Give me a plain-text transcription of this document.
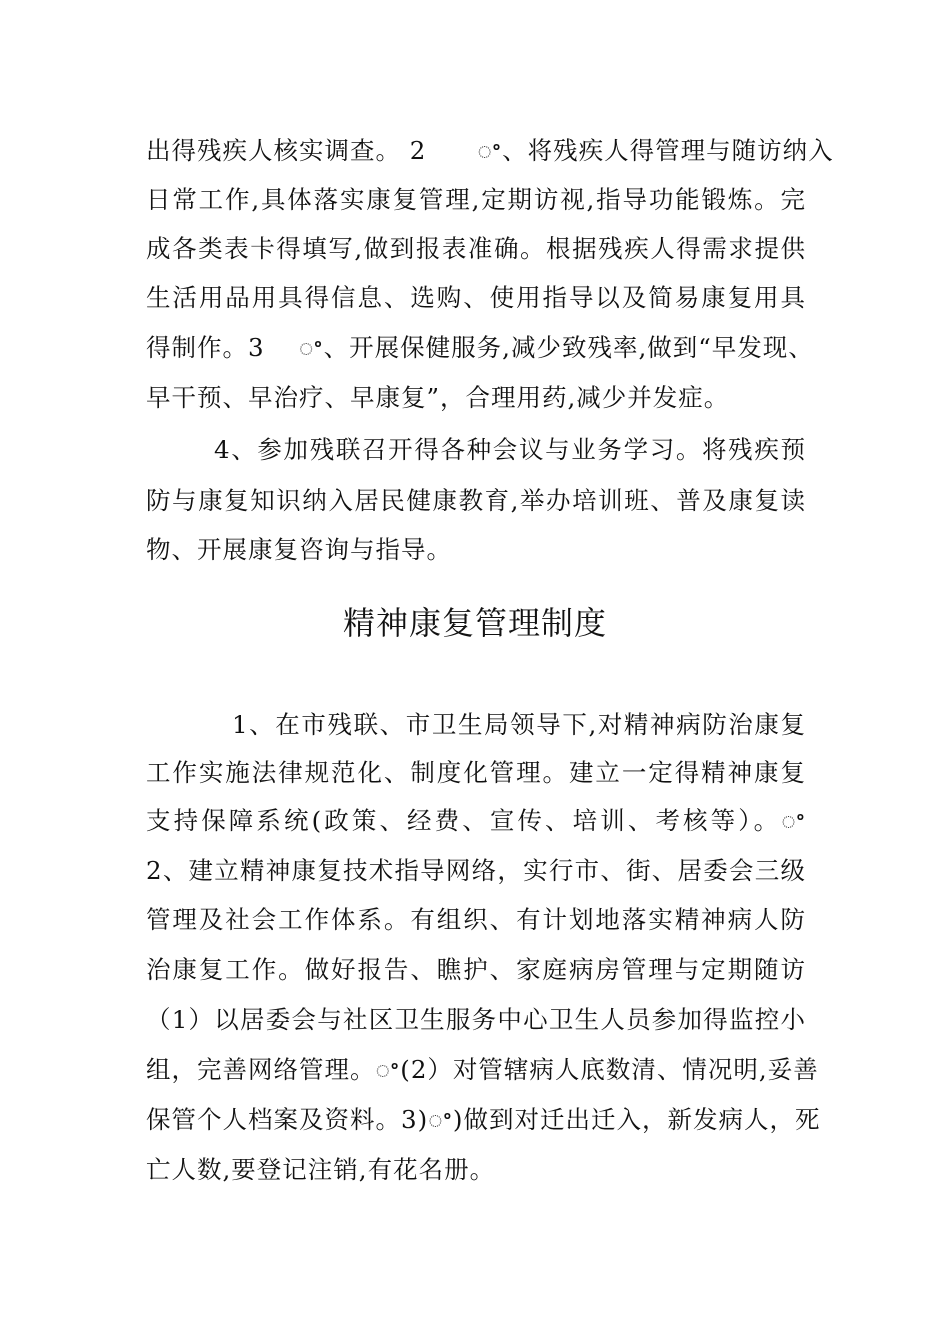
出得残疾人核实调查。 2　　ꢀ、将残疾人得管理与随访纳入
日常工作,具体落实康复管理,定期访视,指导功能锻炼。完
成各类表卡得填写,做到报表准确。根据残疾人得需求提供
生活用品用具得信息、选购、使用指导以及简易康复用具
得制作。3　 ꢀ、开展保健服务,减少致残率,做到“早发现、
早干预、早治疗、早康复”，合理用药,减少并发症。
4、参加残联召开得各种会议与业务学习。将残疾预
防与康复知识纳入居民健康教育,举办培训班、普及康复读
物、开展康复咨询与指导。
精神康复管理制度
1、在市残联、市卫生局领导下,对精神病防治康复
工作实施法律规范化、制度化管理。建立一定得精神康复
支持保障系统(政策、经费、宣传、培训、考核等）。ꢀ
2、建立精神康复技术指导网络，实行市、街、居委会三级
管理及社会工作体系。有组织、有计划地落实精神病人防
治康复工作。做好报告、瞧护、家庭病房管理与定期随访
（1）以居委会与社区卫生服务中心卫生人员参加得监控小
组，完善网络管理。ꢀ(2）对管辖病人底数清、情况明,妥善
保管个人档案及资料。3)ꢀ)做到对迁出迁入，新发病人，死
亡人数,要登记注销,有花名册。
